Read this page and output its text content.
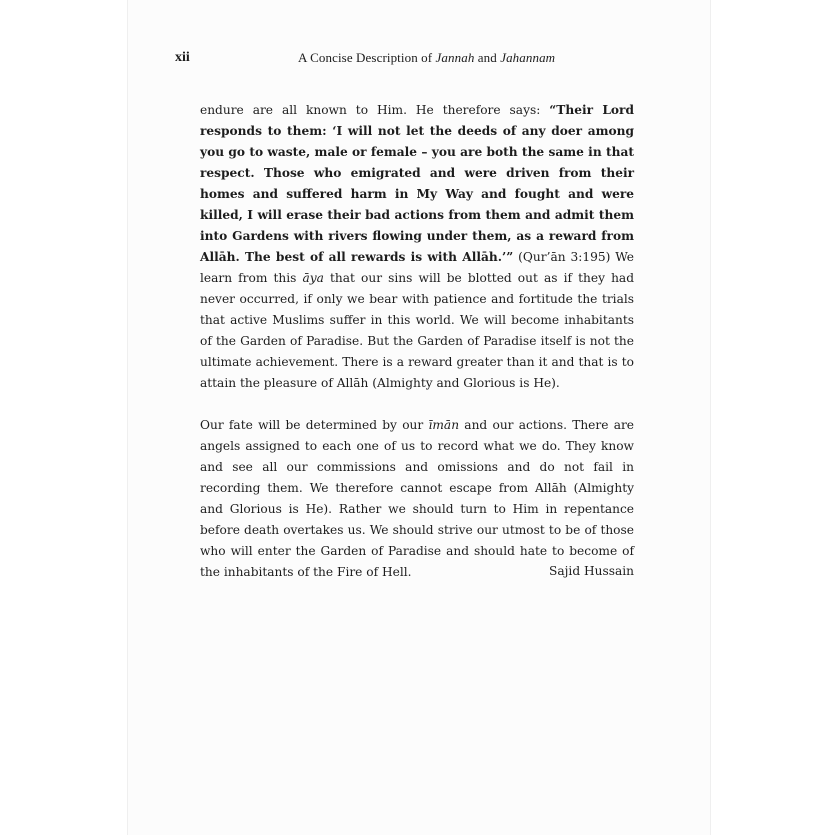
xii	A Concise Description of Jannah and Jahannam

endure are all known to Him. He therefore says: “Their Lord responds to them: ‘I will not let the deeds of any doer among you go to waste, male or female – you are both the same in that respect. Those who emigrated and were driven from their homes and suffered harm in My Way and fought and were killed, I will erase their bad actions from them and admit them into Gardens with rivers flowing under them, as a reward from Allāh. The best of all rewards is with Allāh.’” (Qur’ān 3:195) We learn from this āya that our sins will be blotted out as if they had never occurred, if only we bear with patience and fortitude the trials that active Muslims suffer in this world. We will become inhabitants of the Garden of Paradise. But the Garden of Paradise itself is not the ultimate achievement. There is a reward greater than it and that is to attain the pleasure of Allāh (Almighty and Glorious is He).

Our fate will be determined by our īmān and our actions. There are angels assigned to each one of us to record what we do. They know and see all our commissions and omissions and do not fail in recording them. We therefore cannot escape from Allāh (Almighty and Glorious is He). Rather we should turn to Him in repentance before death overtakes us. We should strive our utmost to be of those who will enter the Garden of Paradise and should hate to become of the inhabitants of the Fire of Hell.	Sajid Hussain
